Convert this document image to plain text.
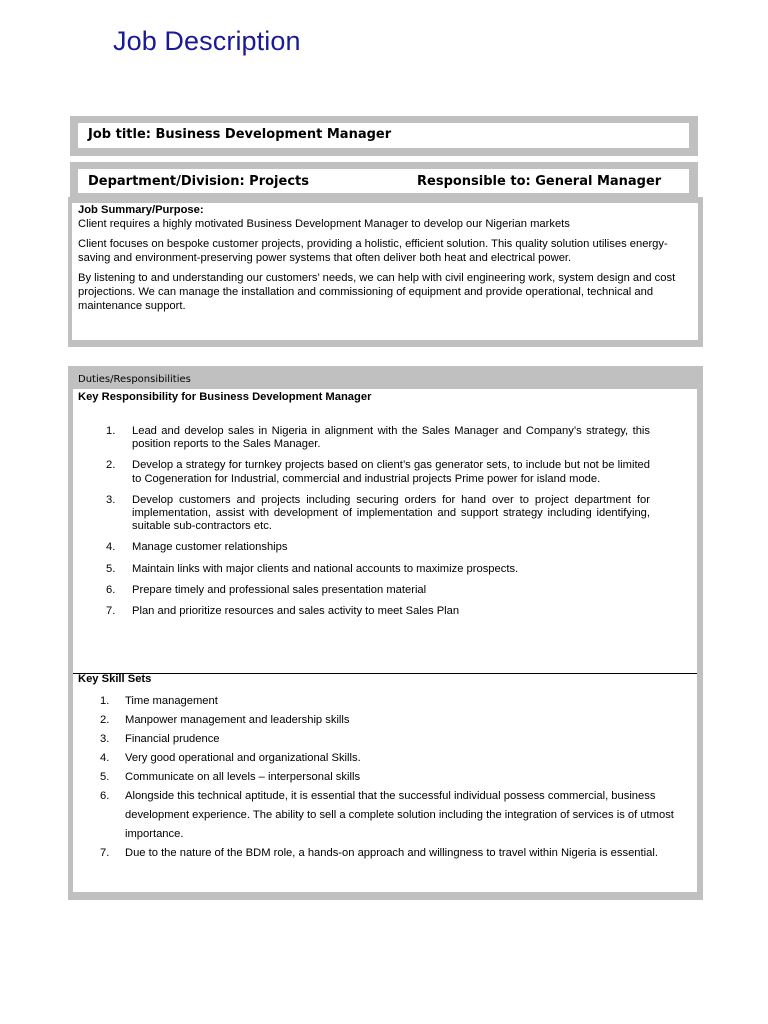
Job Description
Job title: Business Development Manager
Department/Division: Projects	Responsible to: General Manager

Job Summary/Purpose:
Client requires a highly motivated Business Development Manager to develop our Nigerian markets

Client focuses on bespoke customer projects, providing a holistic, efficient solution. This quality solution utilises energy-saving and environment-preserving power systems that often deliver both heat and electrical power.

By listening to and understanding our customers’ needs, we can help with civil engineering work, system design and cost projections. We can manage the installation and commissioning of equipment and provide operational, technical and maintenance support.

Duties/Responsibilities
Key Responsibility for Business Development Manager
1. Lead and develop sales in Nigeria in alignment with the Sales Manager and Company’s strategy, this position reports to the Sales Manager.
2. Develop a strategy for turnkey projects based on client’s gas generator sets, to include but not be limited to Cogeneration for Industrial, commercial and industrial projects Prime power for island mode.
3. Develop customers and projects including securing orders for hand over to project department for implementation, assist with development of implementation and support strategy including identifying, suitable sub-contractors etc.
4. Manage customer relationships
5. Maintain links with major clients and national accounts to maximize prospects.
6. Prepare timely and professional sales presentation material
7. Plan and prioritize resources and sales activity to meet Sales Plan
Key Skill Sets
1. Time management
2. Manpower management and leadership skills
3. Financial prudence
4. Very good operational and organizational Skills.
5. Communicate on all levels – interpersonal skills
6. Alongside this technical aptitude, it is essential that the successful individual possess commercial, business development experience. The ability to sell a complete solution including the integration of services is of utmost importance.
7. Due to the nature of the BDM role, a hands-on approach and willingness to travel within Nigeria is essential.
